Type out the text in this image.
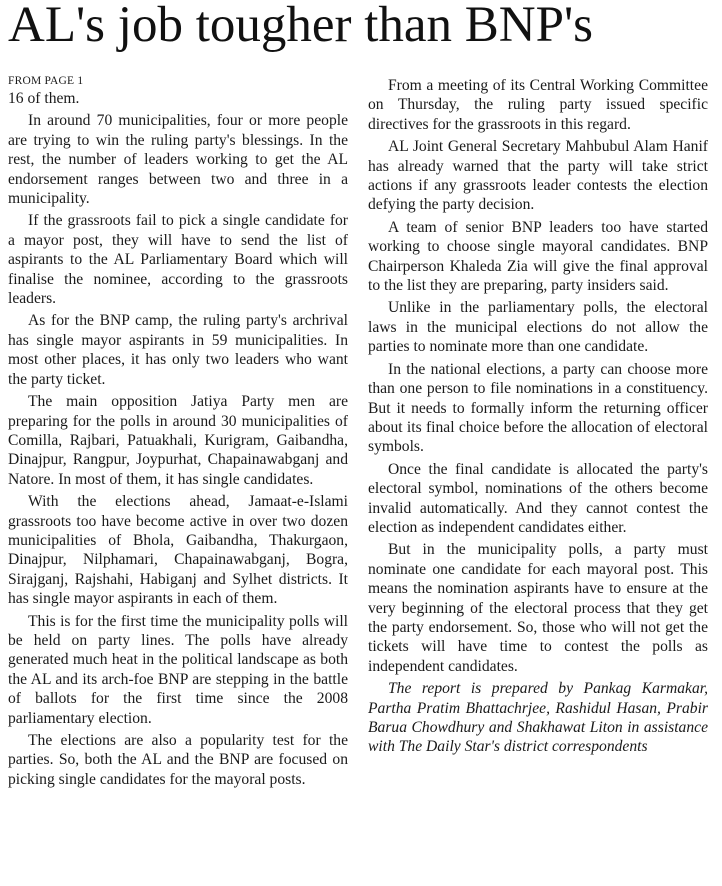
AL's job tougher than BNP's
FROM PAGE 1

16 of them.

In around 70 municipalities, four or more people are trying to win the ruling party's blessings. In the rest, the number of leaders working to get the AL endorsement ranges between two and three in a municipality.

If the grassroots fail to pick a single candidate for a mayor post, they will have to send the list of aspirants to the AL Parliamentary Board which will finalise the nominee, according to the grassroots leaders.

As for the BNP camp, the ruling party's archrival has single mayor aspirants in 59 municipalities. In most other places, it has only two leaders who want the party ticket.

The main opposition Jatiya Party men are preparing for the polls in around 30 municipalities of Comilla, Rajbari, Patuakhali, Kurigram, Gaibandha, Dinajpur, Rangpur, Joypurhat, Chapainawabganj and Natore. In most of them, it has single candidates.

With the elections ahead, Jamaat-e-Islami grassroots too have become active in over two dozen municipalities of Bhola, Gaibandha, Thakurgaon, Dinajpur, Nilphamari, Chapainawabganj, Bogra, Sirajganj, Rajshahi, Habiganj and Sylhet districts. It has single mayor aspirants in each of them.

This is for the first time the municipality polls will be held on party lines. The polls have already generated much heat in the political landscape as both the AL and its arch-foe BNP are stepping in the battle of ballots for the first time since the 2008 parliamentary election.

The elections are also a popularity test for the parties. So, both the AL and the BNP are focused on picking single candidates for the mayoral posts.

From a meeting of its Central Working Committee on Thursday, the ruling party issued specific directives for the grassroots in this regard.

AL Joint General Secretary Mahbubul Alam Hanif has already warned that the party will take strict actions if any grassroots leader contests the election defying the party decision.

A team of senior BNP leaders too have started working to choose single mayoral candidates. BNP Chairperson Khaleda Zia will give the final approval to the list they are preparing, party insiders said.

Unlike in the parliamentary polls, the electoral laws in the municipal elections do not allow the parties to nominate more than one candidate.

In the national elections, a party can choose more than one person to file nominations in a constituency. But it needs to formally inform the returning officer about its final choice before the allocation of electoral symbols.

Once the final candidate is allocated the party's electoral symbol, nominations of the others become invalid automatically. And they cannot contest the election as independent candidates either.

But in the municipality polls, a party must nominate one candidate for each mayoral post. This means the nomination aspirants have to ensure at the very beginning of the electoral process that they get the party endorsement. So, those who will not get the tickets will have time to contest the polls as independent candidates.

The report is prepared by Pankag Karmakar, Partha Pratim Bhattachrjee, Rashidul Hasan, Prabir Barua Chowdhury and Shakhawat Liton in assistance with The Daily Star's district correspondents
